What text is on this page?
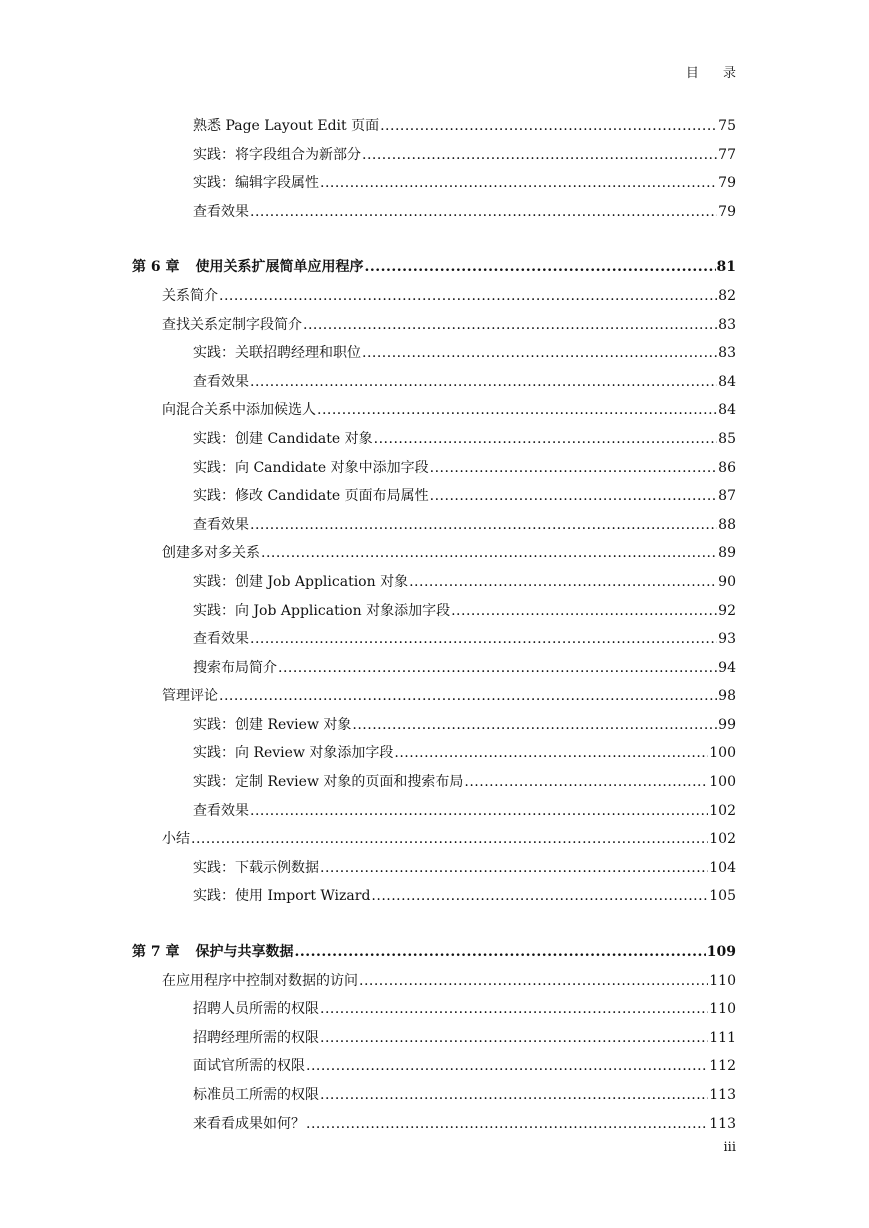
目 录
熟悉 Page Layout Edit 页面 .....	75
实践：将字段组合为新部分 .....	77
实践：编辑字段属性 .....	79
查看效果 .....	79
第 6 章 使用关系扩展简单应用程序 .....	81
关系简介 .....	82
查找关系定制字段简介 .....	83
实践：关联招聘经理和职位 .....	83
查看效果 .....	84
向混合关系中添加候选人 .....	84
实践：创建 Candidate 对象 .....	85
实践：向 Candidate 对象中添加字段 .....	86
实践：修改 Candidate 页面布局属性 .....	87
查看效果 .....	88
创建多对多关系 .....	89
实践：创建 Job Application 对象 .....	90
实践：向 Job Application 对象添加字段 .....	92
查看效果 .....	93
搜索布局简介 .....	94
管理评论 .....	98
实践：创建 Review 对象 .....	99
实践：向 Review 对象添加字段 .....	100
实践：定制 Review 对象的页面和搜索布局 .....	100
查看效果 .....	102
小结 .....	102
实践：下载示例数据 .....	104
实践：使用 Import Wizard .....	105
第 7 章 保护与共享数据 .....	109
在应用程序中控制对数据的访问 .....	110
招聘人员所需的权限 .....	110
招聘经理所需的权限 .....	111
面试官所需的权限 .....	112
标准员工所需的权限 .....	113
来看看成果如何？ .....	113
iii
